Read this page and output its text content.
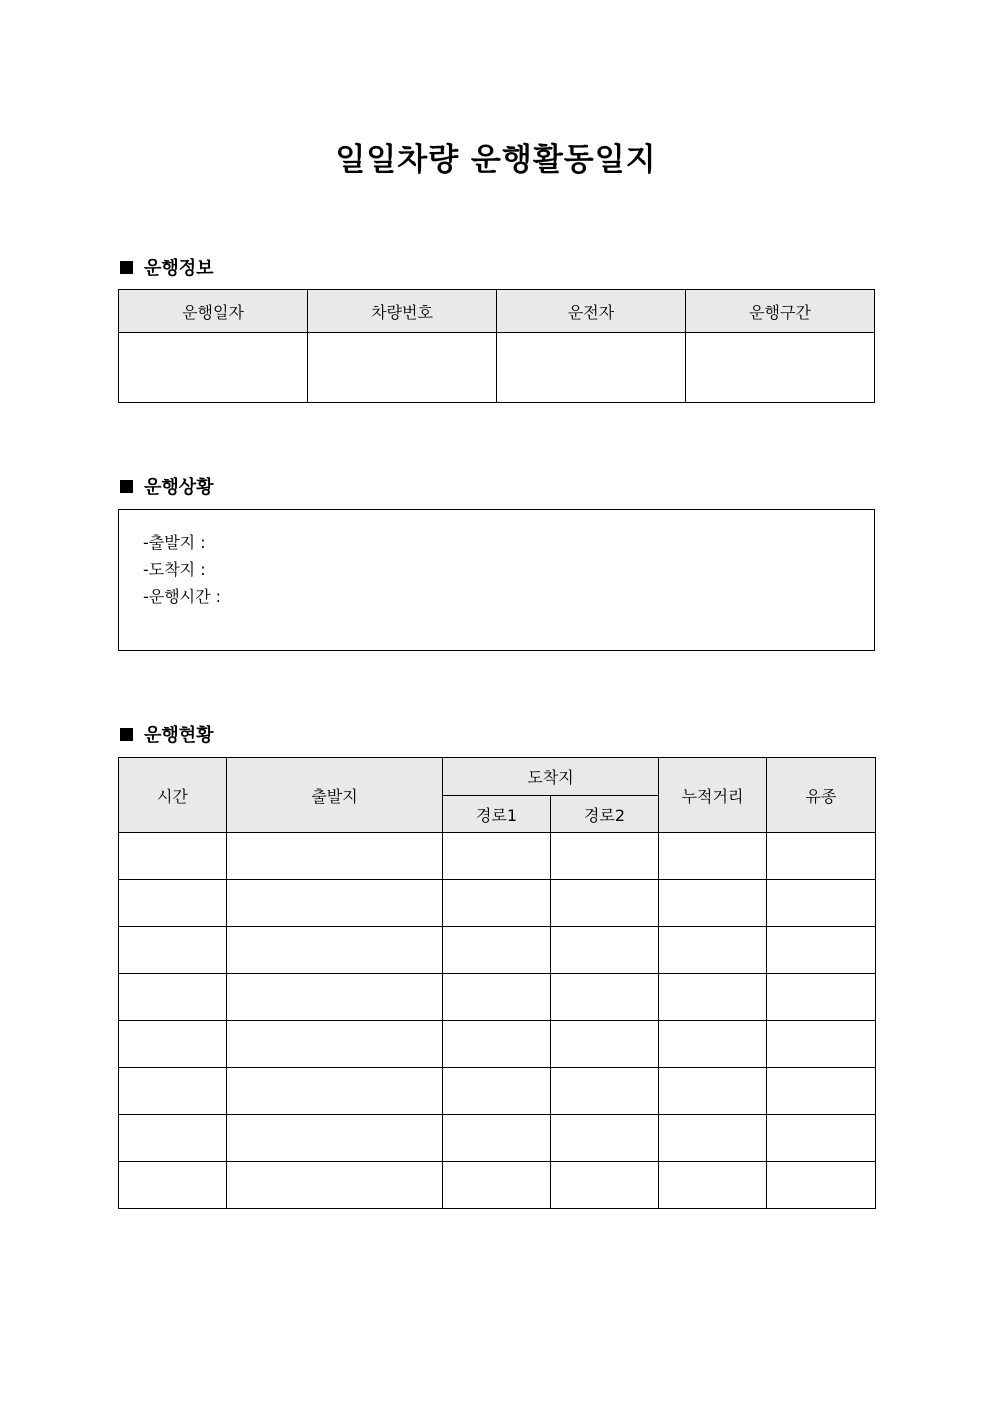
일일차량 운행활동일지
운행정보
운행일자	차량번호	운전자	운행구간

운행상황
-출발지 :
-도착지 :
-운행시간 :
운행현황
시간	출발지	도착지		누적거리	유종
		경로1	경로2		
